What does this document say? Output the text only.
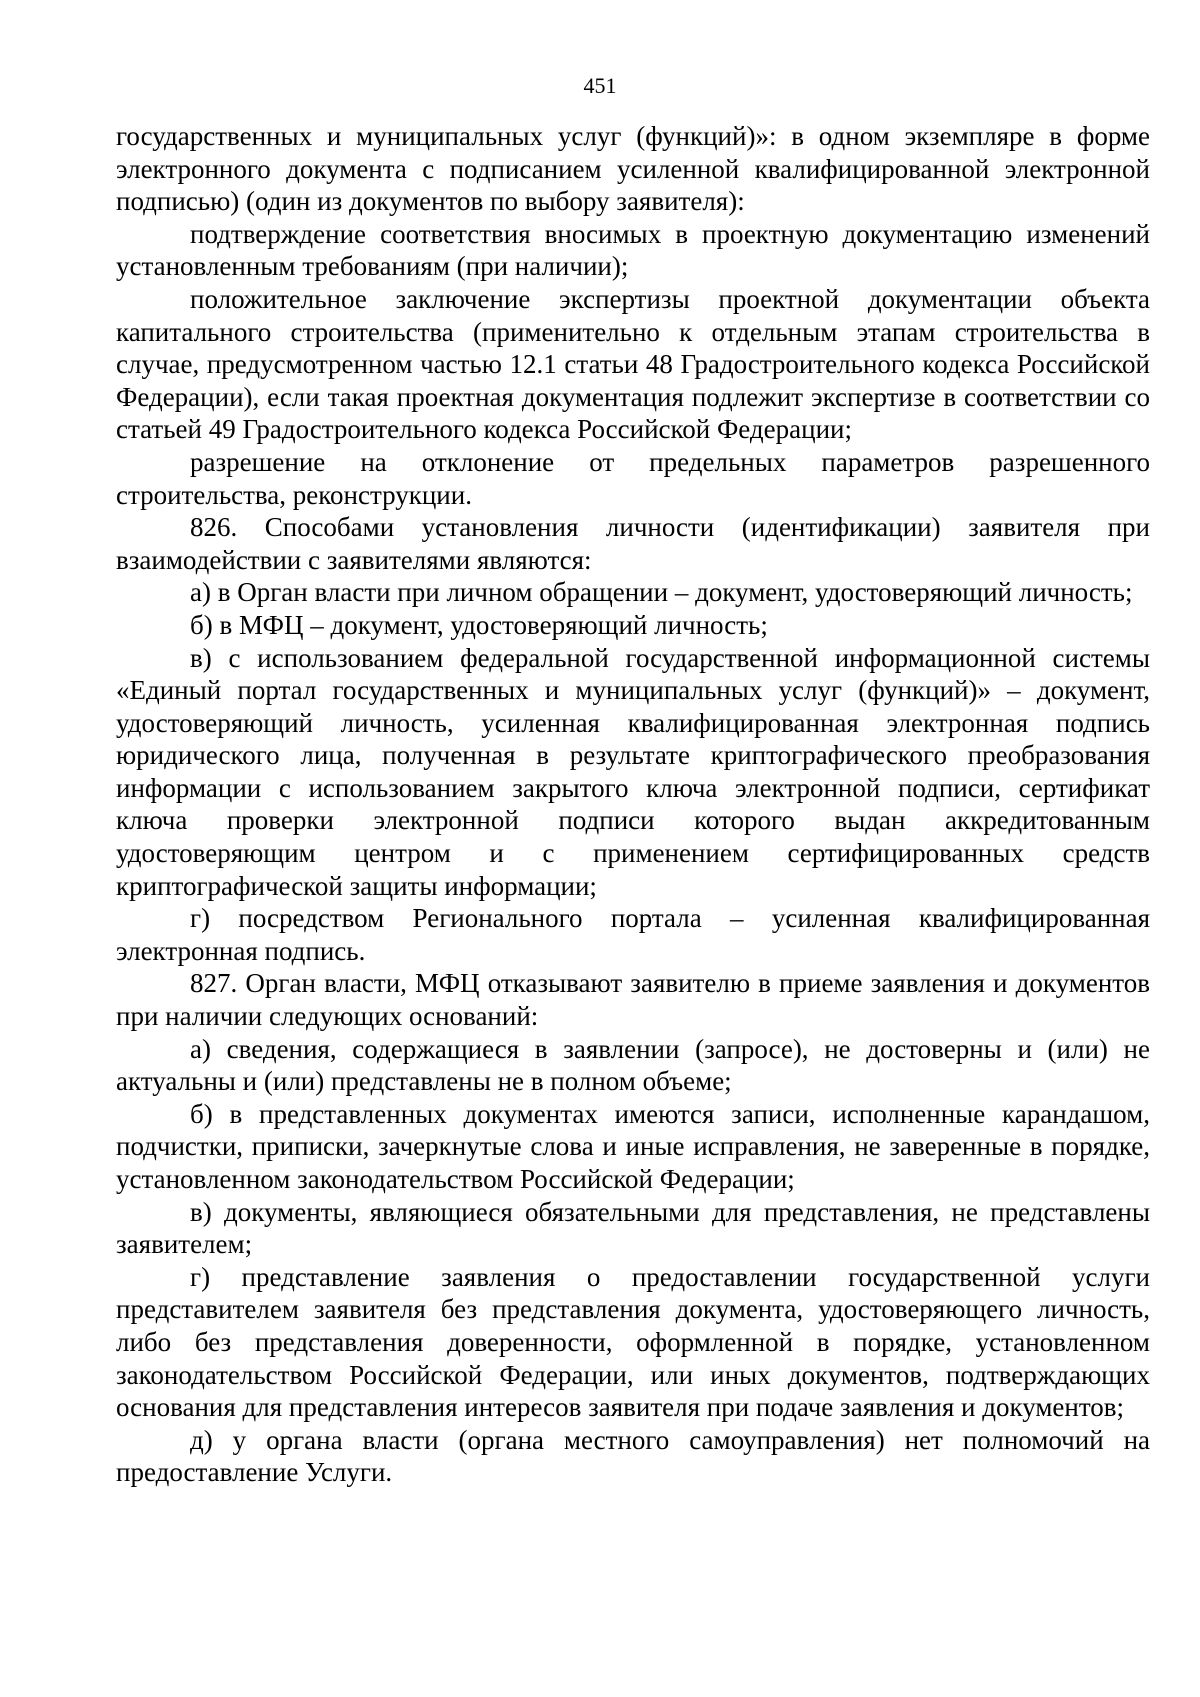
451

государственных и муниципальных услуг (функций)»: в одном экземпляре в форме электронного документа с подписанием усиленной квалифицированной электронной подписью) (один из документов по выбору заявителя):

подтверждение соответствия вносимых в проектную документацию изменений установленным требованиям (при наличии);

положительное заключение экспертизы проектной документации объекта капитального строительства (применительно к отдельным этапам строительства в случае, предусмотренном частью 12.1 статьи 48 Градостроительного кодекса Российской Федерации), если такая проектная документация подлежит экспертизе в соответствии со статьей 49 Градостроительного кодекса Российской Федерации;

разрешение на отклонение от предельных параметров разрешенного строительства, реконструкции.

826. Способами установления личности (идентификации) заявителя при взаимодействии с заявителями являются:

а) в Орган власти при личном обращении – документ, удостоверяющий личность;

б) в МФЦ – документ, удостоверяющий личность;

в) с использованием федеральной государственной информационной системы «Единый портал государственных и муниципальных услуг (функций)» – документ, удостоверяющий личность, усиленная квалифицированная электронная подпись юридического лица, полученная в результате криптографического преобразования информации с использованием закрытого ключа электронной подписи, сертификат ключа проверки электронной подписи которого выдан аккредитованным удостоверяющим центром и с применением сертифицированных средств криптографической защиты информации;

г) посредством Регионального портала – усиленная квалифицированная электронная подпись.

827. Орган власти, МФЦ отказывают заявителю в приеме заявления и документов при наличии следующих оснований:

а) сведения, содержащиеся в заявлении (запросе), не достоверны и (или) не актуальны и (или) представлены не в полном объеме;

б) в представленных документах имеются записи, исполненные карандашом, подчистки, приписки, зачеркнутые слова и иные исправления, не заверенные в порядке, установленном законодательством Российской Федерации;

в) документы, являющиеся обязательными для представления, не представлены заявителем;

г) представление заявления о предоставлении государственной услуги представителем заявителя без представления документа, удостоверяющего личность, либо без представления доверенности, оформленной в порядке, установленном законодательством Российской Федерации, или иных документов, подтверждающих основания для представления интересов заявителя при подаче заявления и документов;

д) у органа власти (органа местного самоуправления) нет полномочий на предоставление Услуги.
